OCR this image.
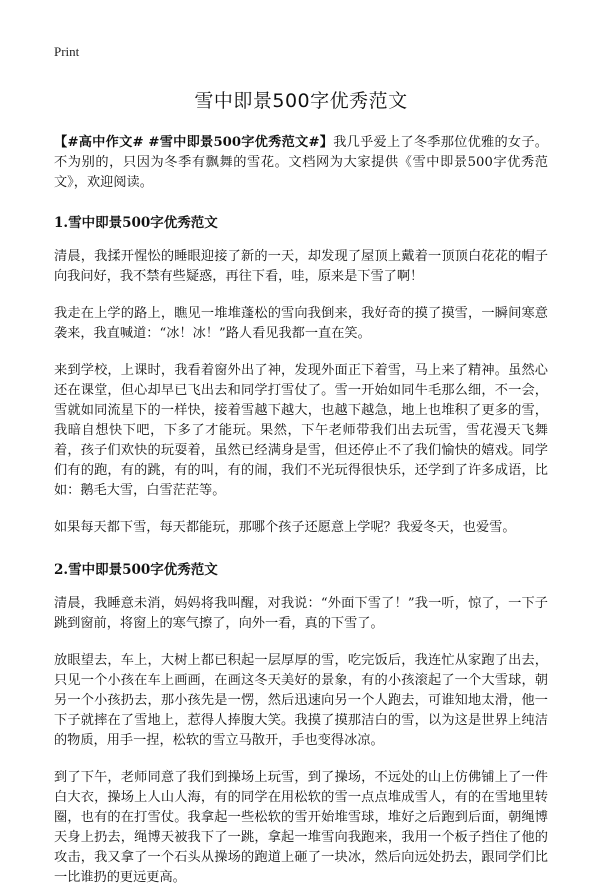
Print
雪中即景500字优秀范文

【#高中作文# #雪中即景500字优秀范文#】我几乎爱上了冬季那位优雅的女子。不为别的，只因为冬季有飘舞的雪花。文档网为大家提供《雪中即景500字优秀范文》，欢迎阅读。

1.雪中即景500字优秀范文

清晨，我揉开惺忪的睡眼迎接了新的一天，却发现了屋顶上戴着一顶顶白花花的帽子向我问好，我不禁有些疑惑，再往下看，哇，原来是下雪了啊！

我走在上学的路上，瞧见一堆堆蓬松的雪向我倒来，我好奇的摸了摸雪，一瞬间寒意袭来，我直喊道：“冰！冰！”路人看见我都一直在笑。

来到学校，上课时，我看着窗外出了神，发现外面正下着雪，马上来了精神。虽然心还在课堂，但心却早已飞出去和同学打雪仗了。雪一开始如同牛毛那么细，不一会，雪就如同流星下的一样快，接着雪越下越大，也越下越急，地上也堆积了更多的雪，我暗自想快下吧，下多了才能玩。果然，下午老师带我们出去玩雪，雪花漫天飞舞着，孩子们欢快的玩耍着，虽然已经满身是雪，但还停止不了我们愉快的嬉戏。同学们有的跑，有的跳，有的叫，有的闹，我们不光玩得很快乐，还学到了许多成语，比如：鹅毛大雪，白雪茫茫等。

如果每天都下雪，每天都能玩，那哪个孩子还愿意上学呢？我爱冬天，也爱雪。

2.雪中即景500字优秀范文

清晨，我睡意未消，妈妈将我叫醒，对我说：“外面下雪了！”我一听，惊了，一下子跳到窗前，将窗上的寒气擦了，向外一看，真的下雪了。

放眼望去，车上，大树上都已积起一层厚厚的雪，吃完饭后，我连忙从家跑了出去，只见一个小孩在车上画画，在画这冬天美好的景象，有的小孩滚起了一个大雪球，朝另一个小孩扔去，那小孩先是一愣，然后迅速向另一个人跑去，可谁知地太滑，他一下子就摔在了雪地上，惹得人捧腹大笑。我摸了摸那洁白的雪，以为这是世界上纯洁的物质，用手一捏，松软的雪立马散开，手也变得冰凉。

到了下午，老师同意了我们到操场上玩雪，到了操场，不远处的山上仿佛铺上了一件白大衣，操场上人山人海，有的同学在用松软的雪一点点堆成雪人，有的在雪地里转圈，也有的在打雪仗。我拿起一些松软的雪开始堆雪球，堆好之后跑到后面，朝绳博天身上扔去，绳博天被我下了一跳，拿起一堆雪向我跑来，我用一个板子挡住了他的攻击，我又拿了一个石头从操场的跑道上砸了一块冰，然后向远处扔去，跟同学们比一比谁扔的更远更高。
